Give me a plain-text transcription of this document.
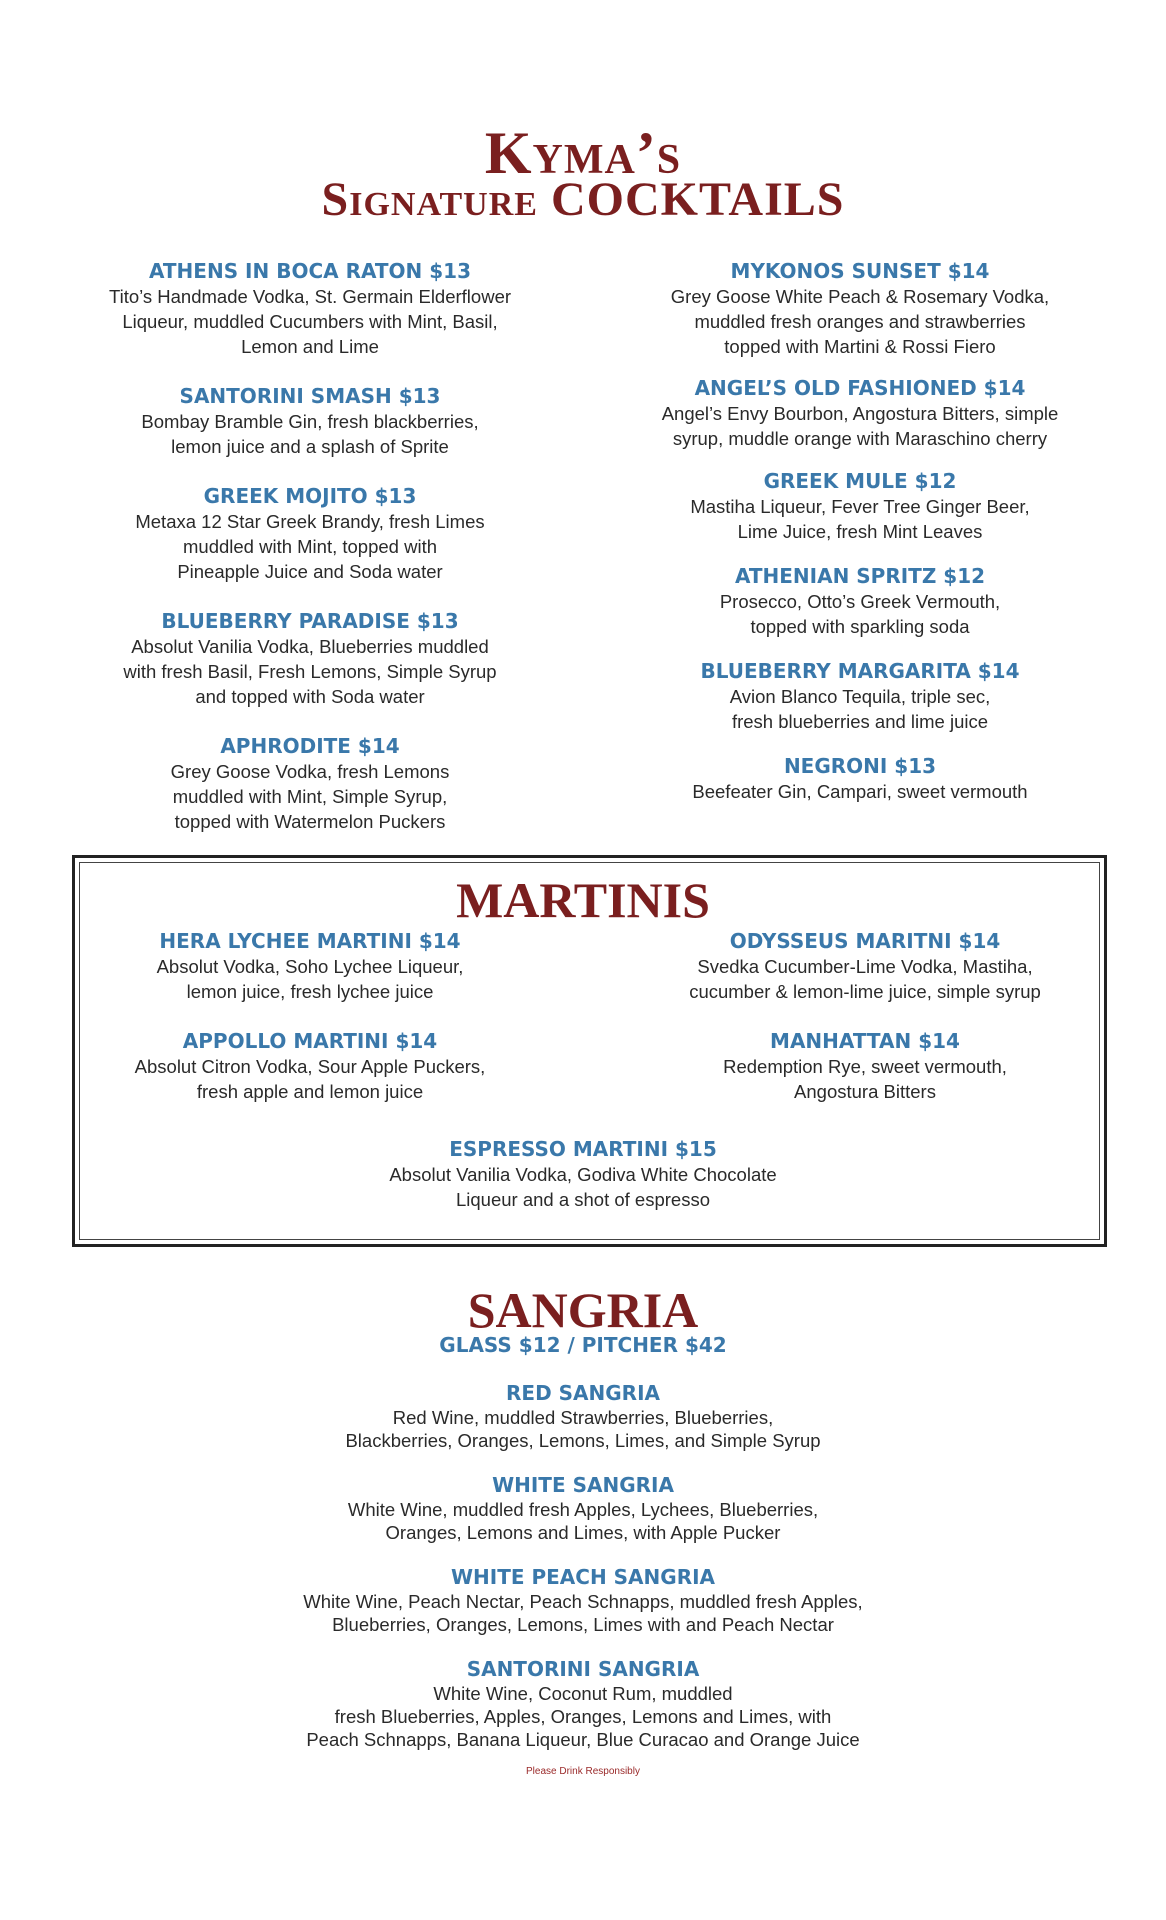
Kyma’s
Signature COCKTAILS
ATHENS IN BOCA RATON $13
Tito’s Handmade Vodka, St. Germain Elderflower
Liqueur, muddled Cucumbers with Mint, Basil,
Lemon and Lime
SANTORINI SMASH $13
Bombay Bramble Gin, fresh blackberries,
lemon juice and a splash of Sprite
GREEK MOJITO $13
Metaxa 12 Star Greek Brandy, fresh Limes
muddled with Mint, topped with
Pineapple Juice and Soda water
BLUEBERRY PARADISE $13
Absolut Vanilia Vodka, Blueberries muddled
with fresh Basil, Fresh Lemons, Simple Syrup
and topped with Soda water
APHRODITE $14
Grey Goose Vodka, fresh Lemons
muddled with Mint, Simple Syrup,
topped with Watermelon Puckers
MYKONOS SUNSET $14
Grey Goose White Peach & Rosemary Vodka,
muddled fresh oranges and strawberries
topped with Martini & Rossi Fiero
ANGEL’S OLD FASHIONED $14
Angel’s Envy Bourbon, Angostura Bitters, simple
syrup, muddle orange with Maraschino cherry
GREEK MULE $12
Mastiha Liqueur, Fever Tree Ginger Beer,
Lime Juice, fresh Mint Leaves
ATHENIAN SPRITZ $12
Prosecco, Otto’s Greek Vermouth,
topped with sparkling soda
BLUEBERRY MARGARITA $14
Avion Blanco Tequila, triple sec,
fresh blueberries and lime juice
NEGRONI $13
Beefeater Gin, Campari, sweet vermouth
MARTINIS
HERA LYCHEE MARTINI $14
Absolut Vodka, Soho Lychee Liqueur,
lemon juice, fresh lychee juice
APPOLLO MARTINI $14
Absolut Citron Vodka, Sour Apple Puckers,
fresh apple and lemon juice
ODYSSEUS MARITNI $14
Svedka Cucumber-Lime Vodka, Mastiha,
cucumber & lemon-lime juice, simple syrup
MANHATTAN $14
Redemption Rye, sweet vermouth,
Angostura Bitters
ESPRESSO MARTINI $15
Absolut Vanilia Vodka, Godiva White Chocolate
Liqueur and a shot of espresso
SANGRIA
GLASS $12 / PITCHER $42
RED SANGRIA
Red Wine, muddled Strawberries, Blueberries,
Blackberries, Oranges, Lemons, Limes, and Simple Syrup
WHITE SANGRIA
White Wine, muddled fresh Apples, Lychees, Blueberries,
Oranges, Lemons and Limes, with Apple Pucker
WHITE PEACH SANGRIA
White Wine, Peach Nectar, Peach Schnapps, muddled fresh Apples,
Blueberries, Oranges, Lemons, Limes with and Peach Nectar
SANTORINI SANGRIA
White Wine, Coconut Rum, muddled
fresh Blueberries, Apples, Oranges, Lemons and Limes, with
Peach Schnapps, Banana Liqueur, Blue Curacao and Orange Juice
Please Drink Responsibly
